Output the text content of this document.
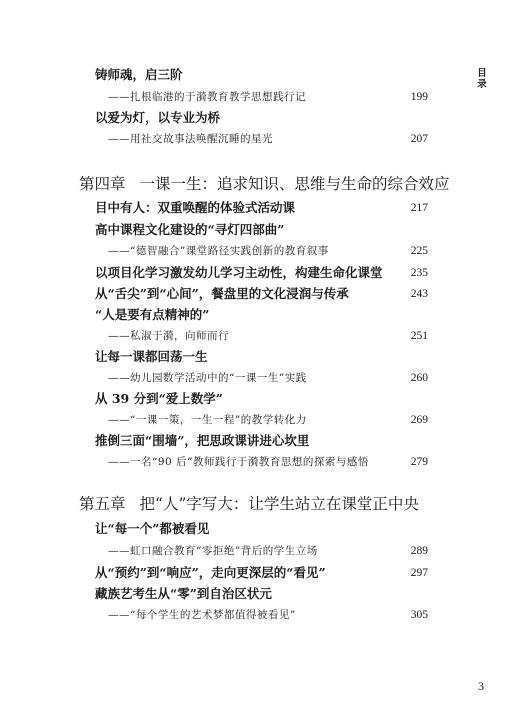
目录
铸师魂，启三阶
——扎根临港的于漪教育教学思想践行记	199
以爱为灯，以专业为桥
——用社交故事法唤醒沉睡的星光	207
第四章 一课一生：追求知识、思维与生命的综合效应
目中有人：双重唤醒的体验式活动课	217
高中课程文化建设的“寻灯四部曲”
——“德智融合”课堂路径实践创新的教育叙事	225
以项目化学习激发幼儿学习主动性，构建生命化课堂 235
从“舌尖”到“心间”，餐盘里的文化浸润与传承	243
“人是要有点精神的”
——私淑于漪，向师而行	251
让每一课都回荡一生
——幼儿园数学活动中的“一课一生”实践	260
从 39 分到“爱上数学”
——“一课一策，一生一程”的教学转化力	269
推倒三面“围墙”，把思政课讲进心坎里
——一名“90 后”教师践行于漪教育思想的探索与感悟	279
第五章 把“人”字写大：让学生站立在课堂正中央
让“每一个”都被看见
——虹口融合教育“零拒绝”背后的学生立场	289
从“预约”到“响应”，走向更深层的“看见”	297
藏族艺考生从“零”到自治区状元
——“每个学生的艺术梦都值得被看见”	305
3
